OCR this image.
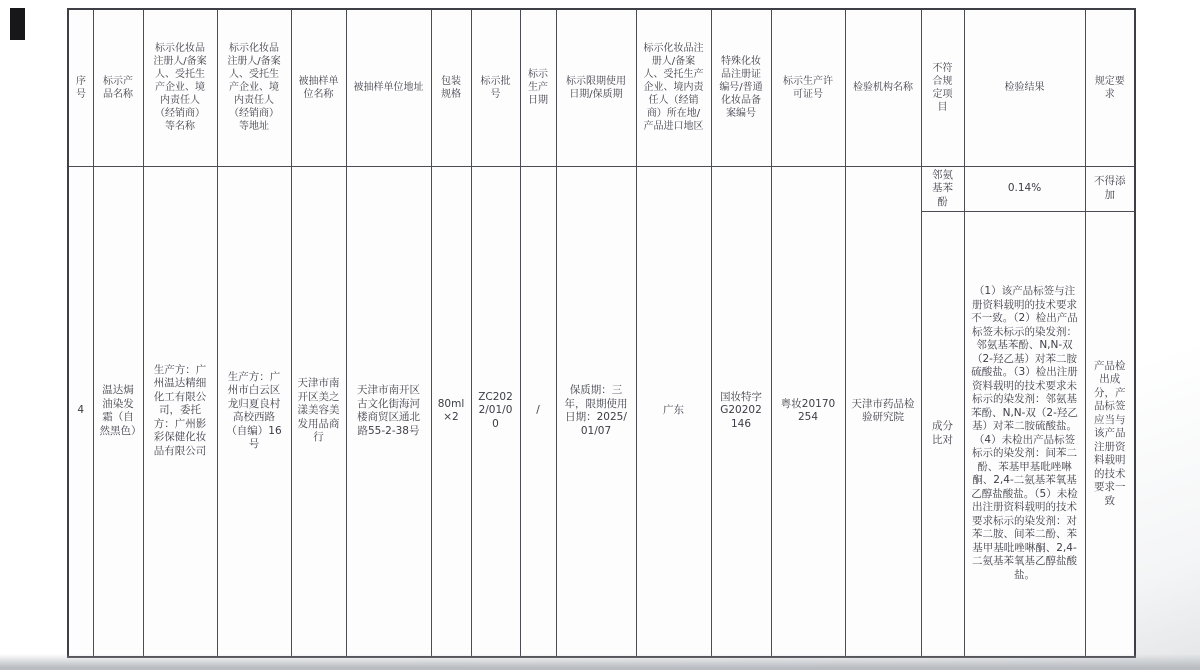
序号	标示产品名称	标示化妆品注册人/备案人、受托生产企业、境内责任人（经销商）等名称	标示化妆品注册人/备案人、受托生产企业、境内责任人（经销商）等地址	被抽样单位名称	被抽样单位地址	包装规格	标示批号	标示生产日期	标示限期使用日期/保质期	标示化妆品注册人/备案人、受托生产企业、境内责任人（经销商）所在地/产品进口地区	特殊化妆品注册证编号/普通化妆品备案编号	标示生产许可证号	检验机构名称	不符合规定项目	检验结果	规定要求
4	温达焗油染发霜（自然黑色）	生产方：广州温达精细化工有限公司，委托方：广州影彩保健化妆品有限公司	生产方：广州市白云区龙归夏良村高校西路（自编）16号	天津市南开区美之漾美容美发用品商行	天津市南开区古文化街海河楼商贸区通北路55-2-38号	80ml×2	ZC2022/01/00	/	保质期：三年，限期使用日期：2025/01/07	广东	国妆特字G20202146	粤妆20170254	天津市药品检验研究院	邻氨基苯酚	0.14%	不得添加
														成分比对	（1）该产品标签与注册资料载明的技术要求不一致。（2）检出产品标签未标示的染发剂：邻氨基苯酚、N,N-双（2-羟乙基）对苯二胺硫酸盐。（3）检出注册资料载明的技术要求未标示的染发剂：邻氨基苯酚、N,N-双（2-羟乙基）对苯二胺硫酸盐。（4）未检出产品标签标示的染发剂：间苯二酚、苯基甲基吡唑啉酮、2,4-二氨基苯氧基乙醇盐酸盐。（5）未检出注册资料载明的技术要求标示的染发剂：对苯二胺、间苯二酚、苯基甲基吡唑啉酮、2,4-二氨基苯氧基乙醇盐酸盐。	产品检出成分，产品标签应当与该产品注册资料载明的技术要求一致
